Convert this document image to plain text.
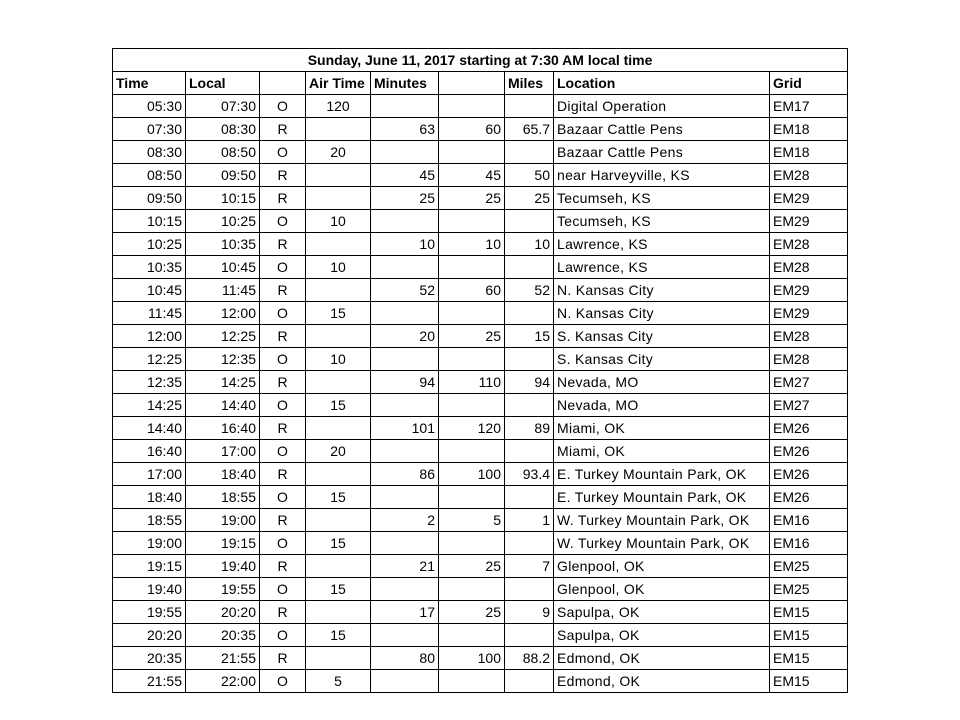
Sunday, June 11, 2017 starting at 7:30 AM local time								
Time	Local		Air Time	Minutes		Miles	Location	Grid
05:30	07:30	O	120				Digital Operation	EM17
07:30	08:30	R		63	60	65.7	Bazaar Cattle Pens	EM18
08:30	08:50	O	20				Bazaar Cattle Pens	EM18
08:50	09:50	R		45	45	50	near Harveyville, KS	EM28
09:50	10:15	R		25	25	25	Tecumseh, KS	EM29
10:15	10:25	O	10				Tecumseh, KS	EM29
10:25	10:35	R		10	10	10	Lawrence, KS	EM28
10:35	10:45	O	10				Lawrence, KS	EM28
10:45	11:45	R		52	60	52	N. Kansas City	EM29
11:45	12:00	O	15				N. Kansas City	EM29
12:00	12:25	R		20	25	15	S. Kansas City	EM28
12:25	12:35	O	10				S. Kansas City	EM28
12:35	14:25	R		94	110	94	Nevada, MO	EM27
14:25	14:40	O	15				Nevada, MO	EM27
14:40	16:40	R		101	120	89	Miami, OK	EM26
16:40	17:00	O	20				Miami, OK	EM26
17:00	18:40	R		86	100	93.4	E. Turkey Mountain Park, OK	EM26
18:40	18:55	O	15				E. Turkey Mountain Park, OK	EM26
18:55	19:00	R		2	5	1	W. Turkey Mountain Park, OK	EM16
19:00	19:15	O	15				W. Turkey Mountain Park, OK	EM16
19:15	19:40	R		21	25	7	Glenpool, OK	EM25
19:40	19:55	O	15				Glenpool, OK	EM25
19:55	20:20	R		17	25	9	Sapulpa, OK	EM15
20:20	20:35	O	15				Sapulpa, OK	EM15
20:35	21:55	R		80	100	88.2	Edmond, OK	EM15
21:55	22:00	O	5				Edmond, OK	EM15
